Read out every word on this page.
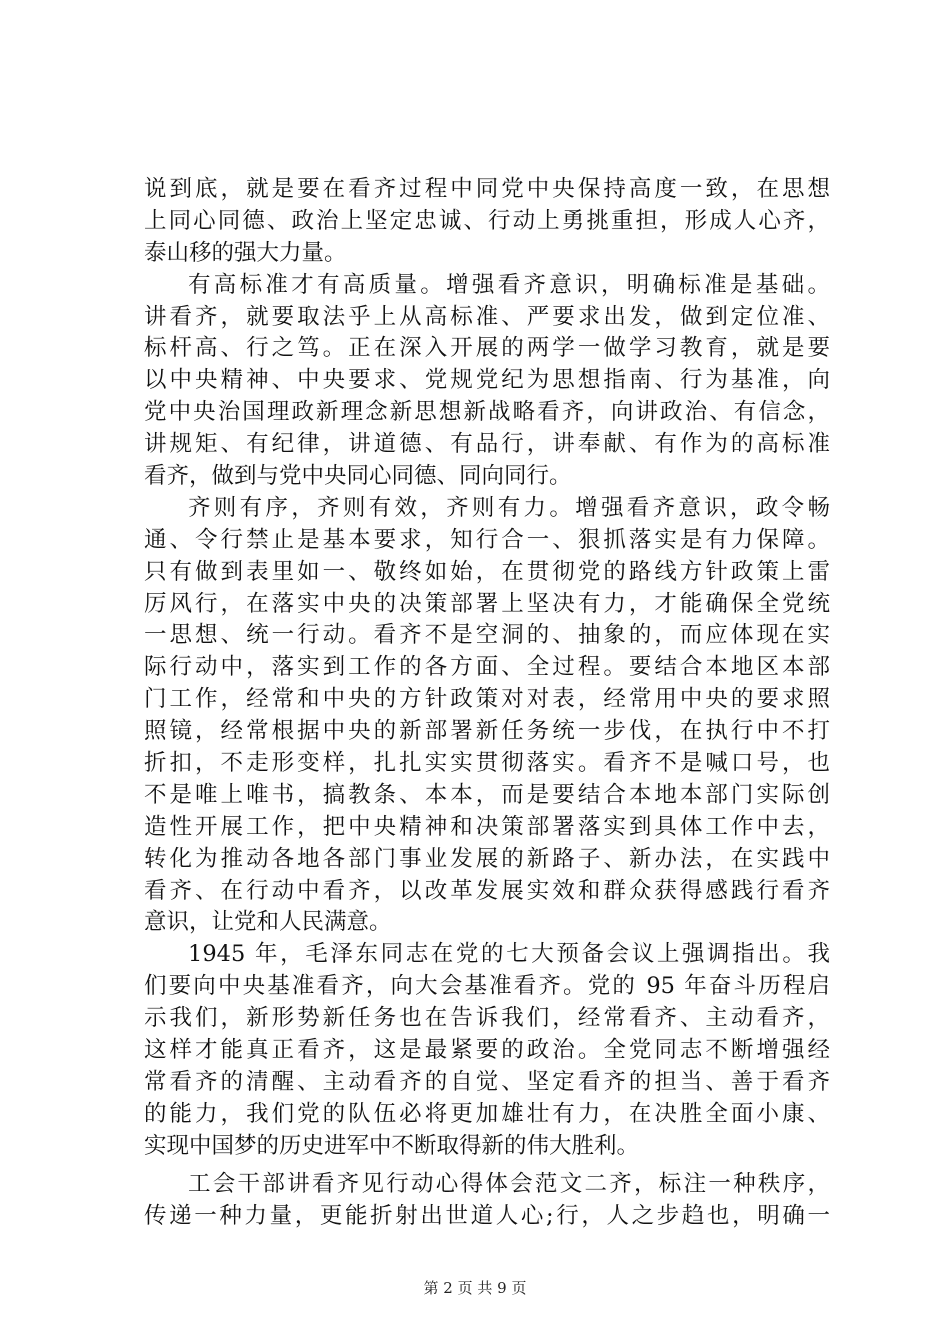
说到底，就是要在看齐过程中同党中央保持高度一致，在思想
上同心同德、政治上坚定忠诚、行动上勇挑重担，形成人心齐，
泰山移的强大力量。
有高标准才有高质量。增强看齐意识，明确标准是基础。
讲看齐，就要取法乎上从高标准、严要求出发，做到定位准、
标杆高、行之笃。正在深入开展的两学一做学习教育，就是要
以中央精神、中央要求、党规党纪为思想指南、行为基准，向
党中央治国理政新理念新思想新战略看齐，向讲政治、有信念，
讲规矩、有纪律，讲道德、有品行，讲奉献、有作为的高标准
看齐，做到与党中央同心同德、同向同行。
齐则有序，齐则有效，齐则有力。增强看齐意识，政令畅
通、令行禁止是基本要求，知行合一、狠抓落实是有力保障。
只有做到表里如一、敬终如始，在贯彻党的路线方针政策上雷
厉风行，在落实中央的决策部署上坚决有力，才能确保全党统
一思想、统一行动。看齐不是空洞的、抽象的，而应体现在实
际行动中，落实到工作的各方面、全过程。要结合本地区本部
门工作，经常和中央的方针政策对对表，经常用中央的要求照
照镜，经常根据中央的新部署新任务统一步伐，在执行中不打
折扣，不走形变样，扎扎实实贯彻落实。看齐不是喊口号，也
不是唯上唯书，搞教条、本本，而是要结合本地本部门实际创
造性开展工作，把中央精神和决策部署落实到具体工作中去，
转化为推动各地各部门事业发展的新路子、新办法，在实践中
看齐、在行动中看齐，以改革发展实效和群众获得感践行看齐
意识，让党和人民满意。
1945 年，毛泽东同志在党的七大预备会议上强调指出。我
们要向中央基准看齐，向大会基准看齐。党的 95 年奋斗历程启
示我们，新形势新任务也在告诉我们，经常看齐、主动看齐，
这样才能真正看齐，这是最紧要的政治。全党同志不断增强经
常看齐的清醒、主动看齐的自觉、坚定看齐的担当、善于看齐
的能力，我们党的队伍必将更加雄壮有力，在决胜全面小康、
实现中国梦的历史进军中不断取得新的伟大胜利。
工会干部讲看齐见行动心得体会范文二齐，标注一种秩序，
传递一种力量，更能折射出世道人心;行，人之步趋也，明确一
第 2 页 共 9 页
